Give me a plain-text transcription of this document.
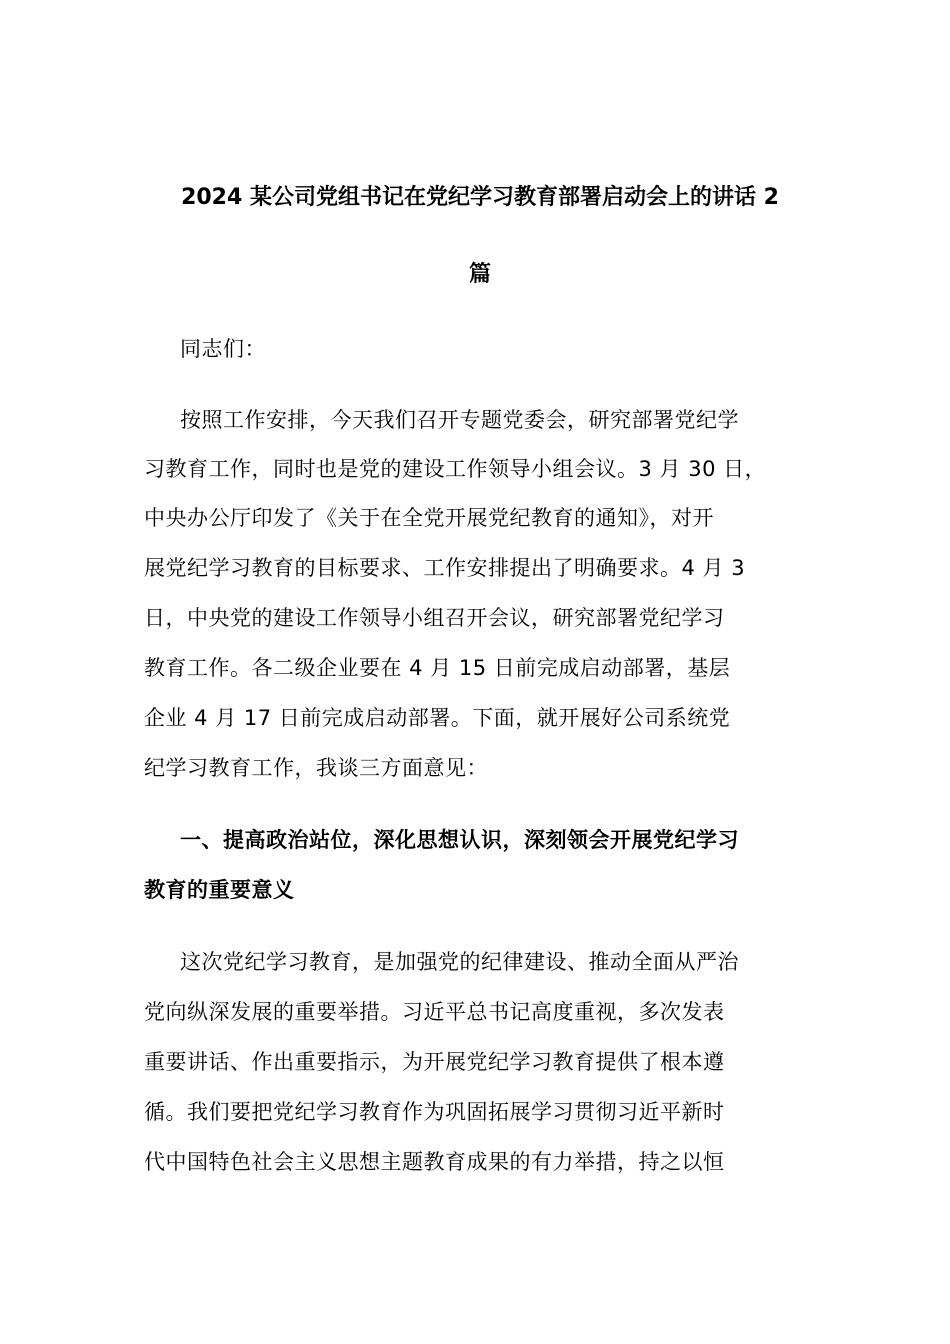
2024 某公司党组书记在党纪学习教育部署启动会上的讲话 2
篇
同志们：
按照工作安排，今天我们召开专题党委会，研究部署党纪学
习教育工作，同时也是党的建设工作领导小组会议。3 月 30 日，
中央办公厅印发了《关于在全党开展党纪教育的通知》，对开
展党纪学习教育的目标要求、工作安排提出了明确要求。4 月 3
日，中央党的建设工作领导小组召开会议，研究部署党纪学习
教育工作。各二级企业要在 4 月 15 日前完成启动部署，基层
企业 4 月 17 日前完成启动部署。下面，就开展好公司系统党
纪学习教育工作，我谈三方面意见：
一、提高政治站位，深化思想认识，深刻领会开展党纪学习
教育的重要意义
这次党纪学习教育，是加强党的纪律建设、推动全面从严治
党向纵深发展的重要举措。习近平总书记高度重视，多次发表
重要讲话、作出重要指示，为开展党纪学习教育提供了根本遵
循。我们要把党纪学习教育作为巩固拓展学习贯彻习近平新时
代中国特色社会主义思想主题教育成果的有力举措，持之以恒
